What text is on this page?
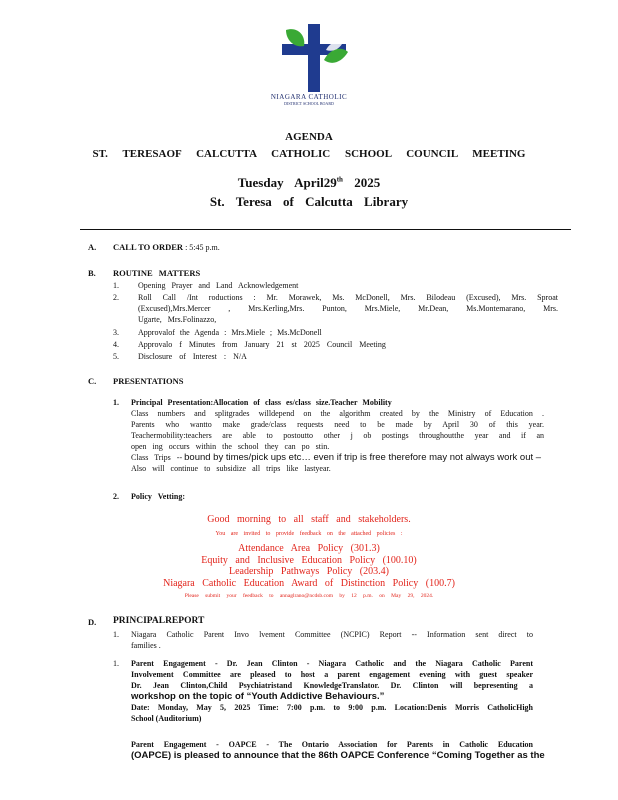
NIAGARA CATHOLIC
DISTRICT SCHOOL BOARD
AGENDA
ST. TERESAOF CALCUTTA CATHOLIC SCHOOL COUNCIL MEETING
Tuesday April29th 2025
St. Teresa of Calcutta Library
A. CALL TO ORDER : 5:45 p.m.
B. ROUTINE MATTERS
1. Opening Prayer and Land Acknowledgement
2. Roll Call /Int roductions : Mr. Morawek, Ms. McDonell, Mrs. Bilodeau (Excused), Mrs. Sproat
(Excused),Mrs.Mercer , Mrs.Kerling,Mrs. Punton, Mrs.Miele, Mr.Dean, Ms.Montemarano, Mrs.
Ugarte, Mrs.Folinazzo,
3. Approvalof the Agenda : Mrs.Miele ; Ms.McDonell
4. Approvalo f Minutes from January 21 st 2025 Council Meeting
5. Disclosure of Interest : N/A
C. PRESENTATIONS
1. Principal Presentation:Allocation of class es/class size.Teacher Mobility
Class numbers and splitgrades willdepend on the algorithm created by the Ministry of Education .
Parents who wantto make grade/class requests need to be made by April 30 of this year.
Teachermobility:teachers are able to postoutto other j ob postings throughoutthe year and if an
open ing occurs within the school they can po stin.
Class Trips -- bound by times/pick ups etc… even if trip is free therefore may not always work out –
Also will continue to subsidize all trips like lastyear.
2. Policy Vetting:
Good morning to all staff and stakeholders.
You are invited to provide feedback on the attached policies :
Attendance Area Policy (301.3)
Equity and Inclusive Education Policy (100.10)
Leadership Pathways Policy (203.4)
Niagara Catholic Education Award of Distinction Policy (100.7)
Please submit your feedback to annaglrano@ncdsb.com by 12 p.m. on May 29, 2024.
D. PRINCIPALREPORT
1. Niagara Catholic Parent Invo lvement Committee (NCPIC) Report -- Information sent direct to
families .
1. Parent Engagement - Dr. Jean Clinton - Niagara Catholic and the Niagara Catholic Parent
Involvement Committee are pleased to host a parent engagement evening with guest speaker
Dr. Jean Clinton,Child Psychiatristand KnowledgeTranslator. Dr. Clinton will bepresenting a
workshop on the topic of “Youth Addictive Behaviours.”
Date: Monday, May 5, 2025 Time: 7:00 p.m. to 9:00 p.m. Location:Denis Morris CatholicHigh
School (Auditorium)
Parent Engagement - OAPCE - The Ontario Association for Parents in Catholic Education
(OAPCE) is pleased to announce that the 86th OAPCE Conference “Coming Together as the
